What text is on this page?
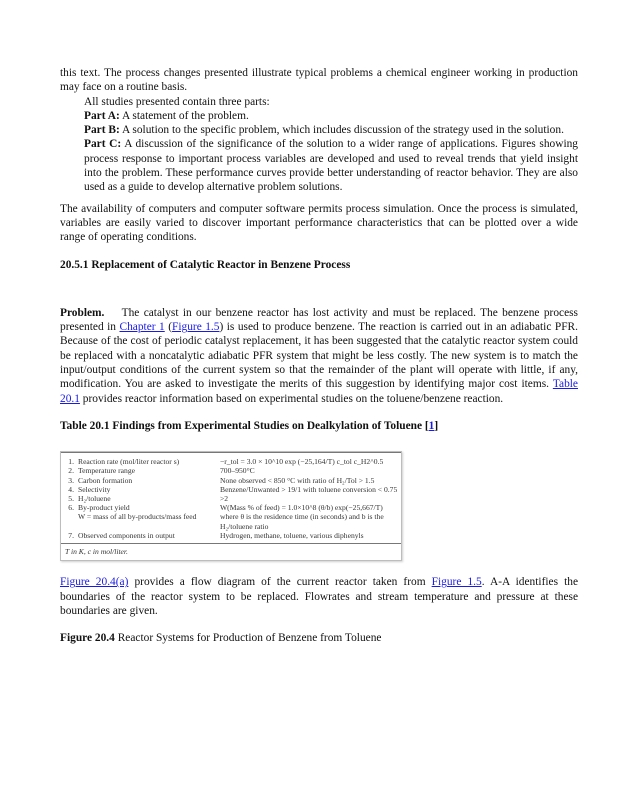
this text. The process changes presented illustrate typical problems a chemical engineer working in production may face on a routine basis.

All studies presented contain three parts:

Part A: A statement of the problem.

Part B: A solution to the specific problem, which includes discussion of the strategy used in the solution.

Part C: A discussion of the significance of the solution to a wider range of applications. Figures showing process response to important process variables are developed and used to reveal trends that yield insight into the problem. These performance curves provide better understanding of reactor behavior. They are also used as a guide to develop alternative problem solutions.

The availability of computers and computer software permits process simulation. Once the process is simulated, variables are easily varied to discover important performance characteristics that can be plotted over a wide range of operating conditions.

20.5.1 Replacement of Catalytic Reactor in Benzene Process

Problem.    The catalyst in our benzene reactor has lost activity and must be replaced. The benzene process presented in Chapter 1 (Figure 1.5) is used to produce benzene. The reaction is carried out in an adiabatic PFR. Because of the cost of periodic catalyst replacement, it has been suggested that the catalytic reactor system could be replaced with a noncatalytic adiabatic PFR system that might be less costly. The new system is to match the input/output conditions of the current system so that the remainder of the plant will operate with little, if any, modification. You are asked to investigate the merits of this suggestion by identifying major cost items. Table 20.1 provides reactor information based on experimental studies on the toluene/benzene reaction.

Table 20.1 Findings from Experimental Studies on Dealkylation of Toluene [1]

1.	Reaction rate (mol/liter reactor s)	−r_tol = 3.0 × 10^10 exp (−25,164/T) c_tol c_H2^0.5
2.	Temperature range	700–950°C
3.	Carbon formation	None observed < 850 °C with ratio of H₂/Tol > 1.5
4.	Selectivity	Benzene/Unwanted > 19/1 with toluene conversion < 0.75
5.	H₂/toluene	>2
6.	By-product yield	W(Mass % of feed) = 1.0×10^8 (θ/b) exp(−25,667/T)
	W = mass of all by-products/mass feed	where θ is the residence time (in seconds) and b is the H₂/toluene ratio
7.	Observed components in output	Hydrogen, methane, toluene, various diphenyls
T in K, c in mol/liter.

Figure 20.4(a) provides a flow diagram of the current reactor taken from Figure 1.5. A-A identifies the boundaries of the reactor system to be replaced. Flowrates and stream temperature and pressure at these boundaries are given.

Figure 20.4 Reactor Systems for Production of Benzene from Toluene
